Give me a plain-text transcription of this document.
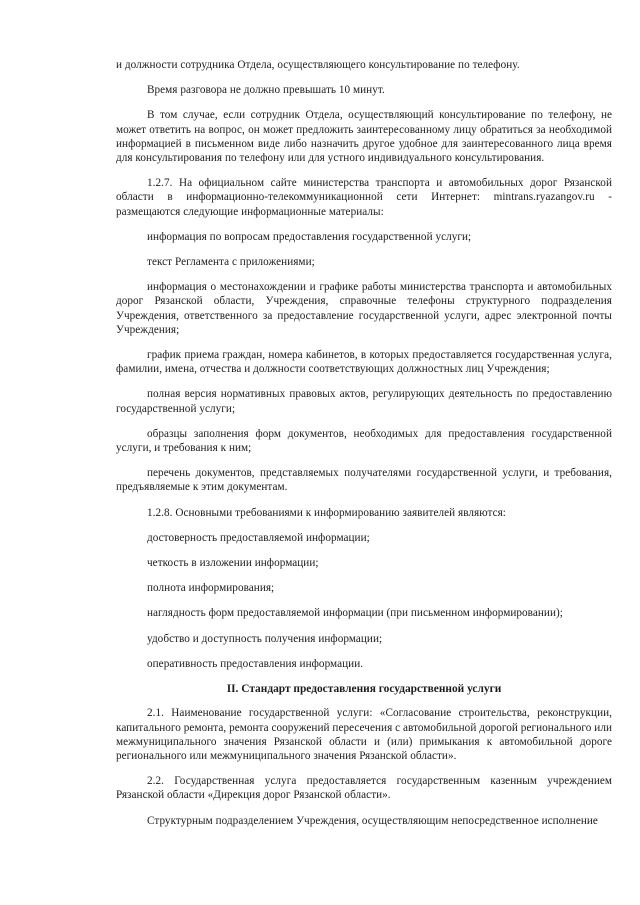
и должности сотрудника Отдела, осуществляющего консультирование по телефону.

Время разговора не должно превышать 10 минут.

В том случае, если сотрудник Отдела, осуществляющий консультирование по телефону, не может ответить на вопрос, он может предложить заинтересованному лицу обратиться за необходимой информацией в письменном виде либо назначить другое удобное для заинтересованного лица время для консультирования по телефону или для устного индивидуального консультирования.

1.2.7. На официальном сайте министерства транспорта и автомобильных дорог Рязанской области в информационно-телекоммуникационной сети Интернет: mintrans.ryazangov.ru - размещаются следующие информационные материалы:

информация по вопросам предоставления государственной услуги;

текст Регламента с приложениями;

информация о местонахождении и графике работы министерства транспорта и автомобильных дорог Рязанской области, Учреждения, справочные телефоны структурного подразделения Учреждения, ответственного за предоставление государственной услуги, адрес электронной почты Учреждения;

график приема граждан, номера кабинетов, в которых предоставляется государственная услуга, фамилии, имена, отчества и должности соответствующих должностных лиц Учреждения;

полная версия нормативных правовых актов, регулирующих деятельность по предоставлению государственной услуги;

образцы заполнения форм документов, необходимых для предоставления государственной услуги, и требования к ним;

перечень документов, представляемых получателями государственной услуги, и требования, предъявляемые к этим документам.

1.2.8. Основными требованиями к информированию заявителей являются:

достоверность предоставляемой информации;

четкость в изложении информации;

полнота информирования;

наглядность форм предоставляемой информации (при письменном информировании);

удобство и доступность получения информации;

оперативность предоставления информации.

II. Стандарт предоставления государственной услуги

2.1. Наименование государственной услуги: «Согласование строительства, реконструкции, капитального ремонта, ремонта сооружений пересечения с автомобильной дорогой регионального или межмуниципального значения Рязанской области и (или) примыкания к автомобильной дороге регионального или межмуниципального значения Рязанской области».

2.2. Государственная услуга предоставляется государственным казенным учреждением Рязанской области «Дирекция дорог Рязанской области».

Структурным подразделением Учреждения, осуществляющим непосредственное исполнение
